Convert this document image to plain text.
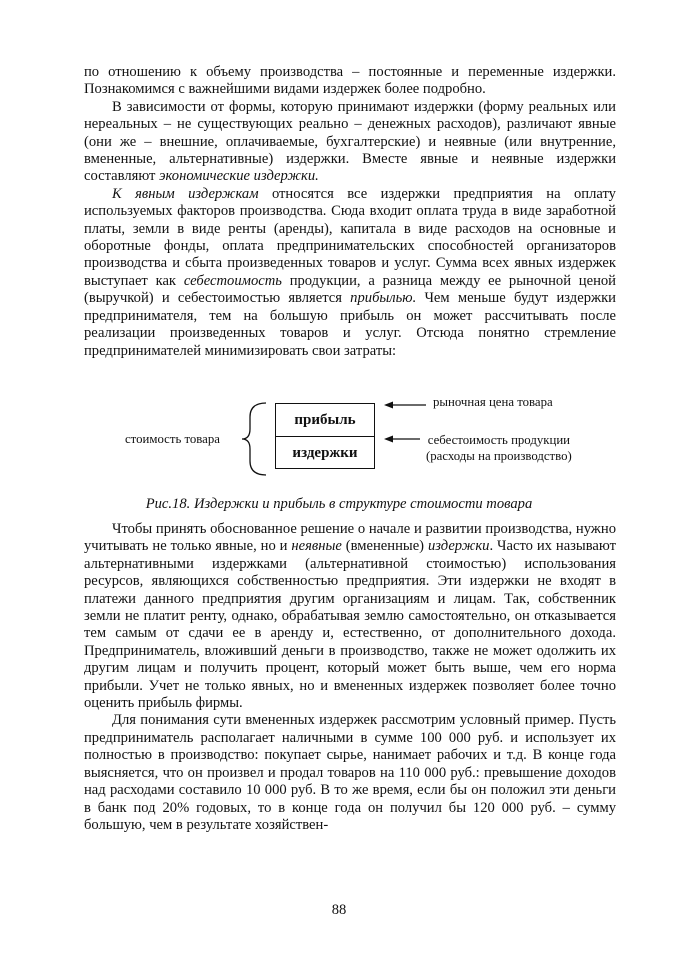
по отношению к объему производства – постоянные и переменные издержки. Познакомимся с важнейшими видами издержек более подробно.

В зависимости от формы, которую принимают издержки (форму реальных или нереальных – не существующих реально – денежных расходов), различают явные (они же – внешние, оплачиваемые, бухгалтерские) и неявные (или внутренние, вмененные, альтернативные) издержки. Вместе явные и неявные издержки составляют экономические издержки.

К явным издержкам относятся все издержки предприятия на оплату используемых факторов производства. Сюда входит оплата труда в виде заработной платы, земли в виде ренты (аренды), капитала в виде расходов на основные и оборотные фонды, оплата предпринимательских способностей организаторов производства и сбыта произведенных товаров и услуг. Сумма всех явных издержек выступает как себестоимость продукции, а разница между ее рыночной ценой (выручкой) и себестоимостью является прибылью. Чем меньше будут издержки предпринимателя, тем на большую прибыль он может рассчитывать после реализации произведенных товаров и услуг. Отсюда понятно стремление предпринимателей минимизировать свои затраты:

прибыль
издержки
рыночная цена товара
себестоимость продукции
(расходы на производство)
стоимость товара
Рис.18. Издержки и прибыль в структуре стоимости товара

Чтобы принять обоснованное решение о начале и развитии производства, нужно учитывать не только явные, но и неявные (вмененные) издержки. Часто их называют альтернативными издержками (альтернативной стоимостью) использования ресурсов, являющихся собственностью предприятия. Эти издержки не входят в платежи данного предприятия другим организациям и лицам. Так, собственник земли не платит ренту, однако, обрабатывая землю самостоятельно, он отказывается тем самым от сдачи ее в аренду и, естественно, от дополнительного дохода. Предприниматель, вложивший деньги в производство, также не может одолжить их другим лицам и получить процент, который может быть выше, чем его норма прибыли. Учет не только явных, но и вмененных издержек позволяет более точно оценить прибыль фирмы.

Для понимания сути вмененных издержек рассмотрим условный пример. Пусть предприниматель располагает наличными в сумме 100 000 руб. и использует их полностью в производство: покупает сырье, нанимает рабочих и т.д. В конце года выясняется, что он произвел и продал товаров на 110 000 руб.: превышение доходов над расходами составило 10 000 руб. В то же время, если бы он положил эти деньги в банк под 20% годовых, то в конце года он получил бы 120 000 руб. – сумму большую, чем в результате хозяйствен-

88
